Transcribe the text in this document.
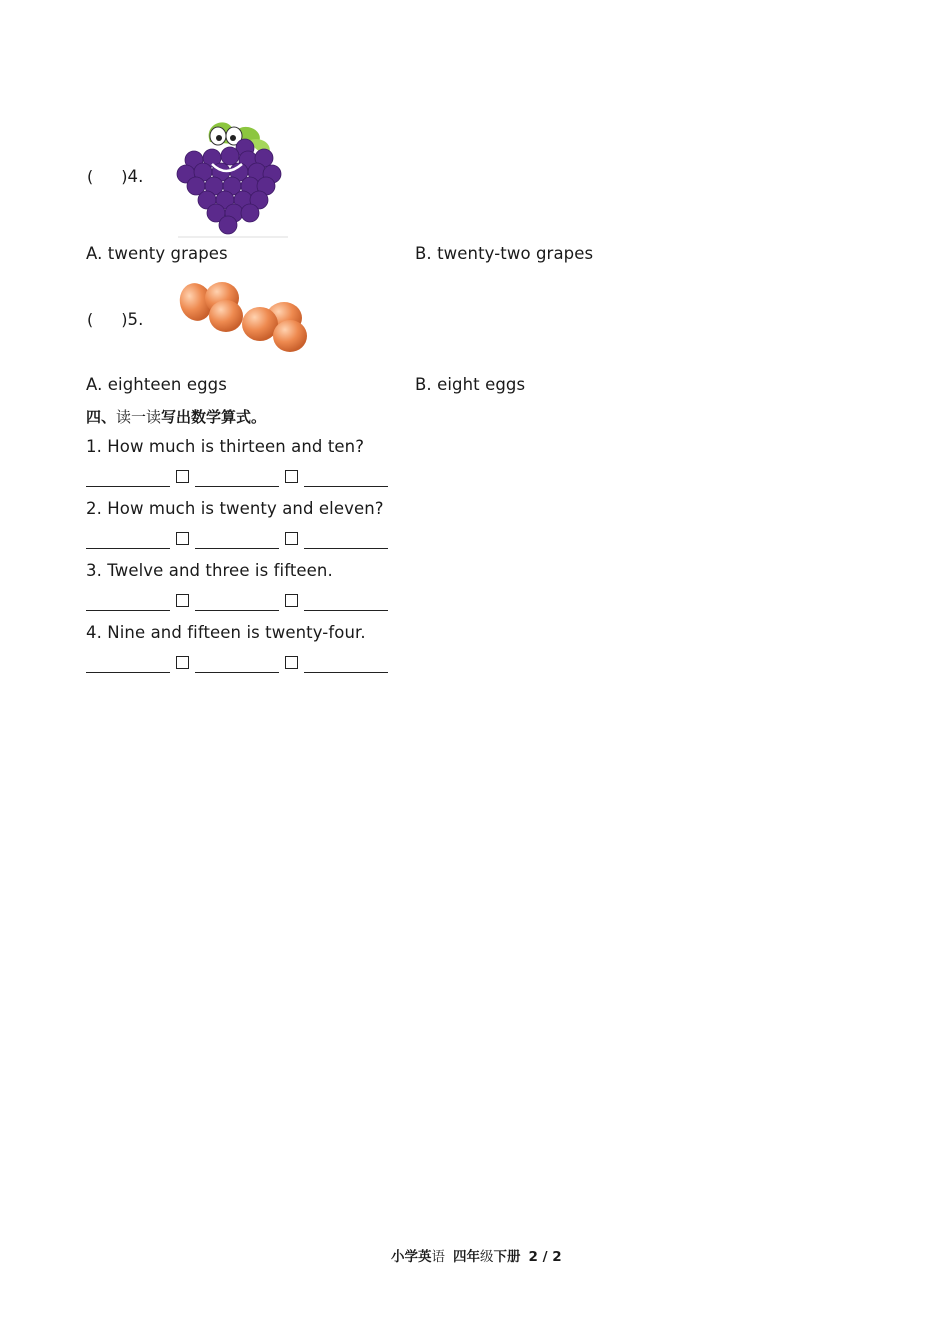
( )4.
A. twenty grapes	B. twenty-two grapes
( )5.
A. eighteen eggs	B. eight eggs
四、读一读写出数学算式。
1. How much is thirteen and ten?
2. How much is twenty and eleven?
3. Twelve and three is fifteen.
4. Nine and fifteen is twenty-four.
小学英语 四年级下册 2 / 2
